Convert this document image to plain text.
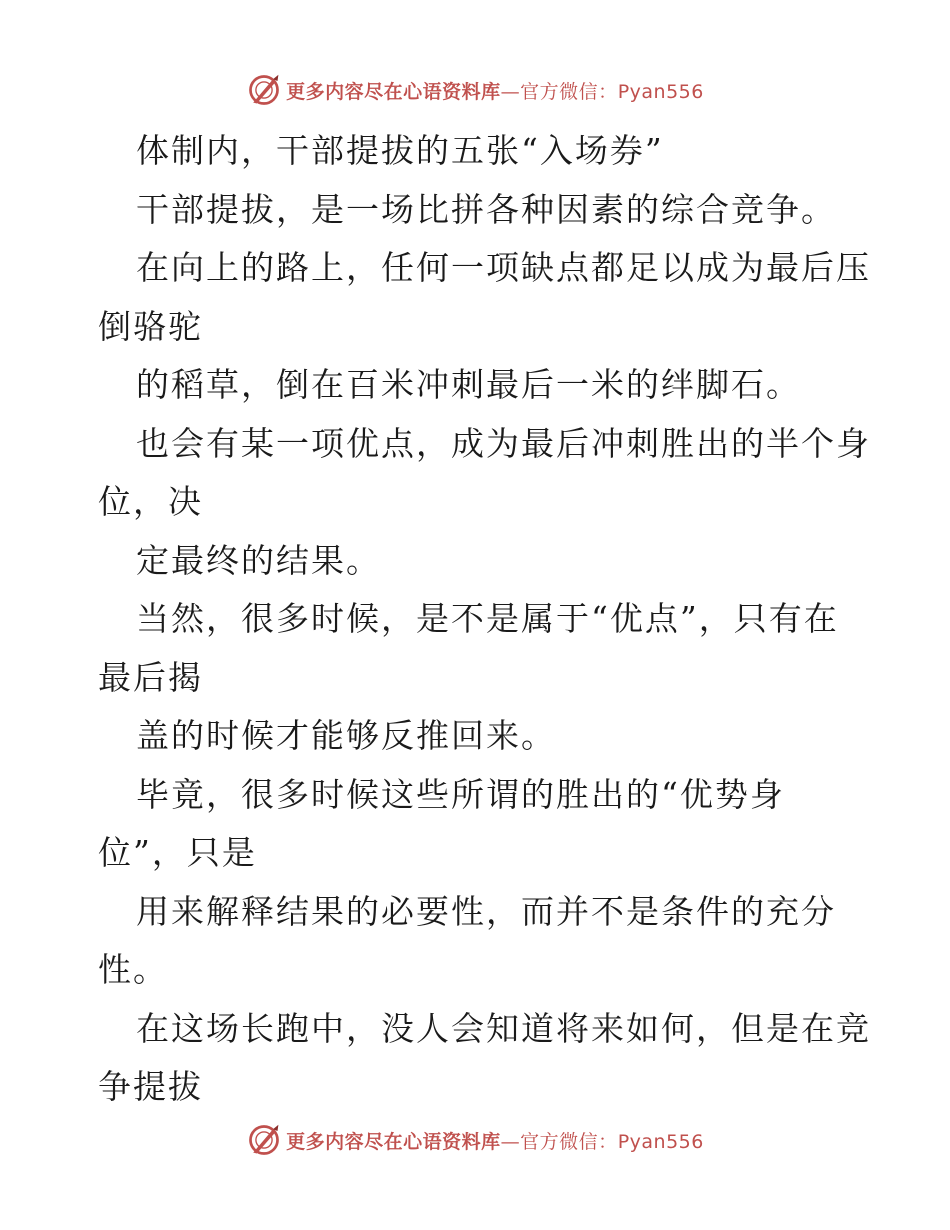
更多内容尽在心语资料库—官方微信：Pyan556
体制内，干部提拔的五张“入场券”
干部提拔，是一场比拼各种因素的综合竞争。
在向上的路上，任何一项缺点都足以成为最后压
倒骆驼
的稻草，倒在百米冲刺最后一米的绊脚石。
也会有某一项优点，成为最后冲刺胜出的半个身
位，决
定最终的结果。
当然，很多时候，是不是属于“优点”，只有在
最后揭
盖的时候才能够反推回来。
毕竟，很多时候这些所谓的胜出的“优势身
位”，只是
用来解释结果的必要性，而并不是条件的充分
性。
在这场长跑中，没人会知道将来如何，但是在竞
争提拔
更多内容尽在心语资料库—官方微信：Pyan556
